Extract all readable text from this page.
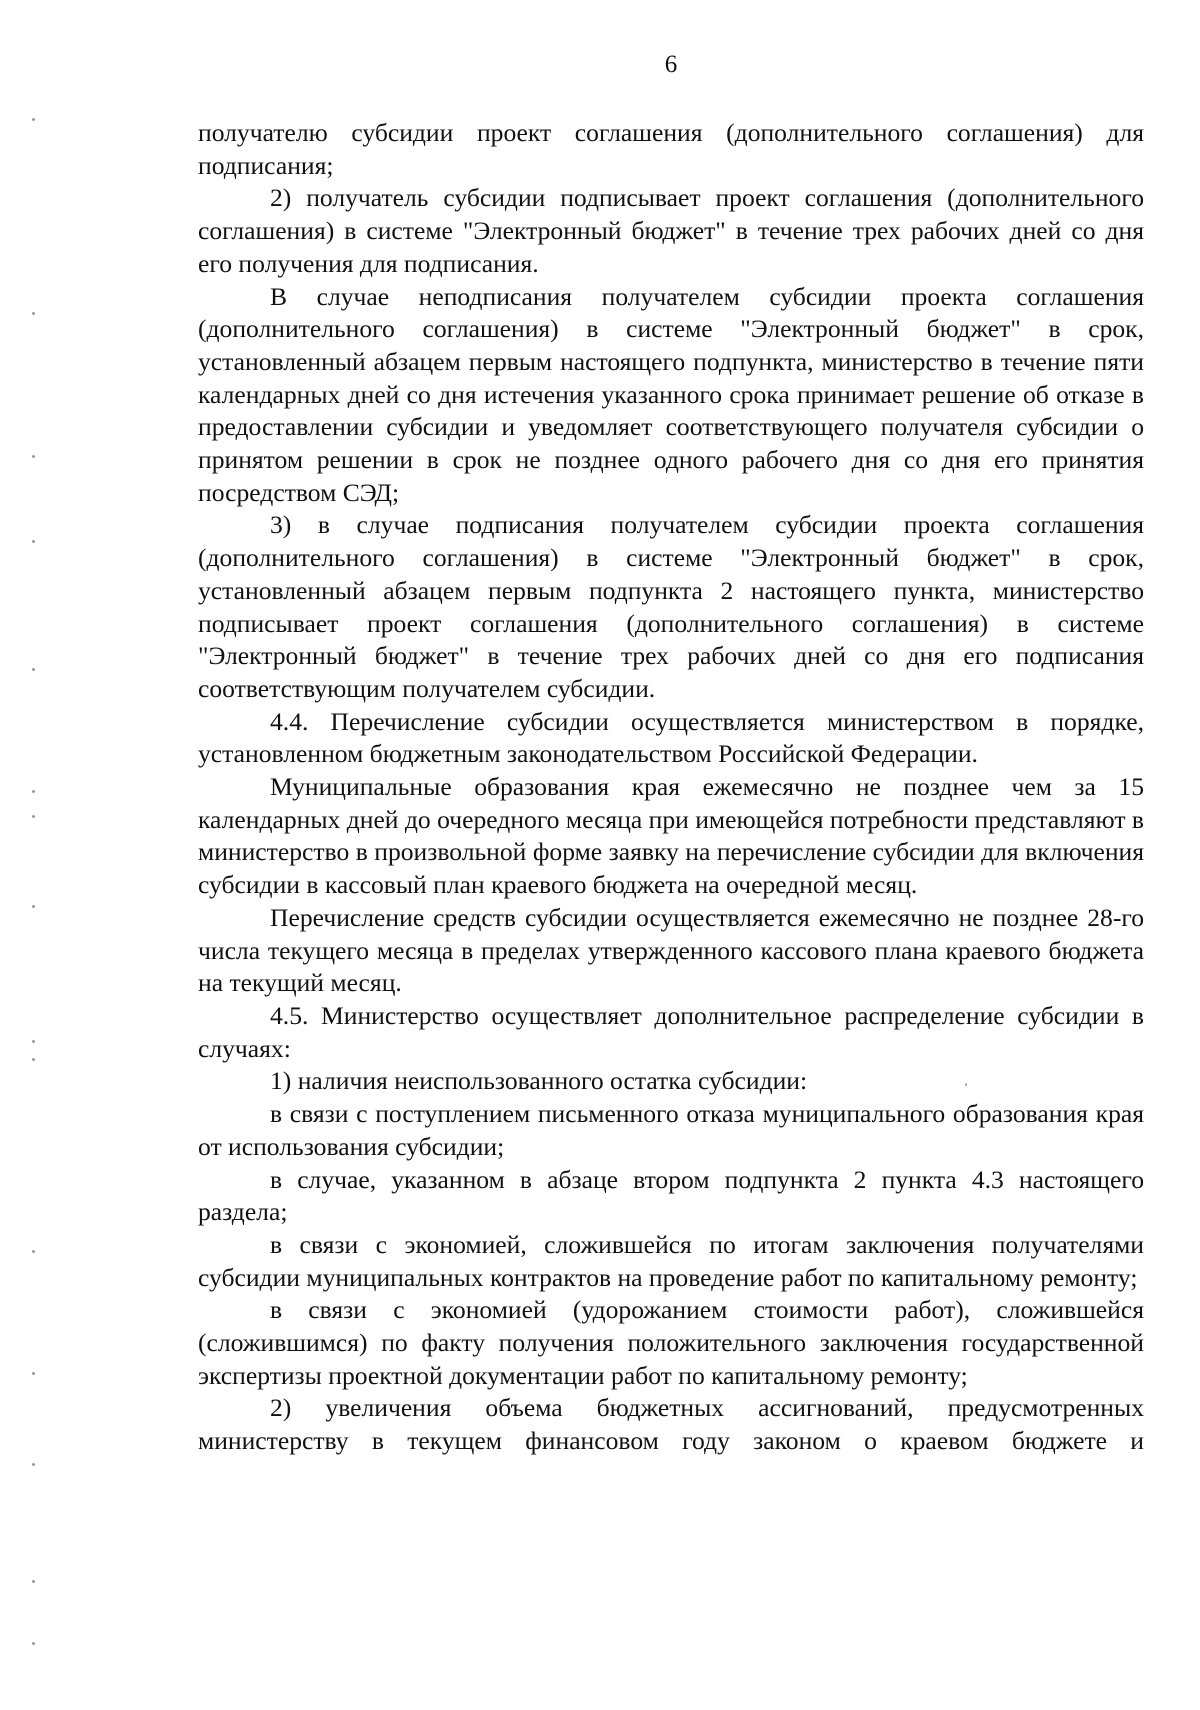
6

получателю субсидии проект соглашения (дополнительного соглашения) для подписания;

2) получатель субсидии подписывает проект соглашения (дополнительного соглашения) в системе "Электронный бюджет" в течение трех рабочих дней со дня его получения для подписания.

В случае неподписания получателем субсидии проекта соглашения (дополнительного соглашения) в системе "Электронный бюджет" в срок, установленный абзацем первым настоящего подпункта, министерство в течение пяти календарных дней со дня истечения указанного срока принимает решение об отказе в предоставлении субсидии и уведомляет соответствующего получателя субсидии о принятом решении в срок не позднее одного рабочего дня со дня его принятия посредством СЭД;

3) в случае подписания получателем субсидии проекта соглашения (дополнительного соглашения) в системе "Электронный бюджет" в срок, установленный абзацем первым подпункта 2 настоящего пункта, министерство подписывает проект соглашения (дополнительного соглашения) в системе "Электронный бюджет" в течение трех рабочих дней со дня его подписания соответствующим получателем субсидии.

4.4. Перечисление субсидии осуществляется министерством в порядке, установленном бюджетным законодательством Российской Федерации.

Муниципальные образования края ежемесячно не позднее чем за 15 календарных дней до очередного месяца при имеющейся потребности представляют в министерство в произвольной форме заявку на перечисление субсидии для включения субсидии в кассовый план краевого бюджета на очередной месяц.

Перечисление средств субсидии осуществляется ежемесячно не позднее 28-го числа текущего месяца в пределах утвержденного кассового плана краевого бюджета на текущий месяц.

4.5. Министерство осуществляет дополнительное распределение субсидии в случаях:

1) наличия неиспользованного остатка субсидии:

в связи с поступлением письменного отказа муниципального образования края от использования субсидии;

в случае, указанном в абзаце втором подпункта 2 пункта 4.3 настоящего раздела;

в связи с экономией, сложившейся по итогам заключения получателями субсидии муниципальных контрактов на проведение работ по капитальному ремонту;

в связи с экономией (удорожанием стоимости работ), сложившейся (сложившимся) по факту получения положительного заключения государственной экспертизы проектной документации работ по капитальному ремонту;

2) увеличения объема бюджетных ассигнований, предусмотренных министерству в текущем финансовом году законом о краевом бюджете и

'
